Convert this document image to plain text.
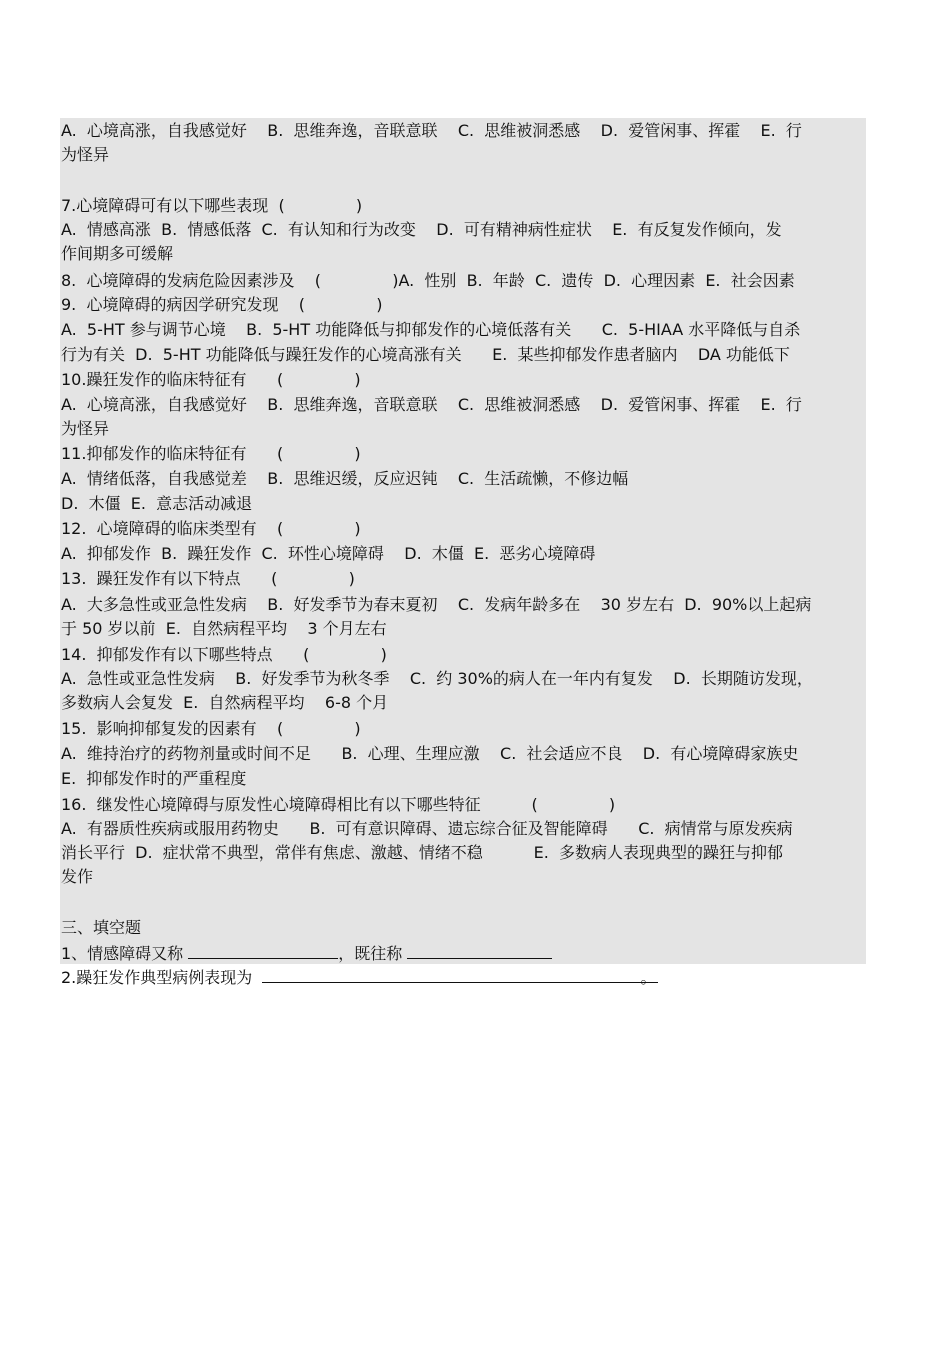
A.  心境高涨，自我感觉好    B.  思维奔逸，音联意联    C.  思维被洞悉感    D.  爱管闲事、挥霍    E.  行
为怪异
7.心境障碍可有以下哪些表现  (              )
A.  情感高涨  B.  情感低落  C.  有认知和行为改变    D.  可有精神病性症状    E.  有反复发作倾向，发
作间期多可缓解
8.  心境障碍的发病危险因素涉及    (              )A.  性别  B.  年龄  C.  遗传  D.  心理因素  E.  社会因素
9.  心境障碍的病因学研究发现    (              )
A.  5-HT 参与调节心境    B.  5-HT 功能降低与抑郁发作的心境低落有关      C.  5-HIAA 水平降低与自杀
行为有关  D.  5-HT 功能降低与躁狂发作的心境高涨有关      E.  某些抑郁发作患者脑内    DA 功能低下
10.躁狂发作的临床特征有      (              )
A.  心境高涨，自我感觉好    B.  思维奔逸，音联意联    C.  思维被洞悉感    D.  爱管闲事、挥霍    E.  行
为怪异
11.抑郁发作的临床特征有      (              )
A.  情绪低落，自我感觉差    B.  思维迟缓，反应迟钝    C.  生活疏懒，不修边幅
D.  木僵  E.  意志活动减退
12.  心境障碍的临床类型有    (              )
A.  抑郁发作  B.  躁狂发作  C.  环性心境障碍    D.  木僵  E.  恶劣心境障碍
13.  躁狂发作有以下特点      (              )
A.  大多急性或亚急性发病    B.  好发季节为春末夏初    C.  发病年龄多在    30 岁左右  D.  90%以上起病
于 50 岁以前  E.  自然病程平均    3 个月左右
14.  抑郁发作有以下哪些特点      (              )
A.  急性或亚急性发病    B.  好发季节为秋冬季    C.  约 30%的病人在一年内有复发    D.  长期随访发现，
多数病人会复发  E.  自然病程平均    6-8 个月
15.  影响抑郁复发的因素有    (              )
A.  维持治疗的药物剂量或时间不足      B.  心理、生理应激    C.  社会适应不良    D.  有心境障碍家族史
E.  抑郁发作时的严重程度
16.  继发性心境障碍与原发性心境障碍相比有以下哪些特征          (              )
A.  有器质性疾病或服用药物史      B.  可有意识障碍、遗忘综合征及智能障碍      C.  病情常与原发疾病
消长平行  D.  症状常不典型，常伴有焦虑、激越、情绪不稳          E.  多数病人表现典型的躁狂与抑郁
发作
三、填空题
1、情感障碍又称	，既往称
2.躁狂发作典型病例表现为	。
